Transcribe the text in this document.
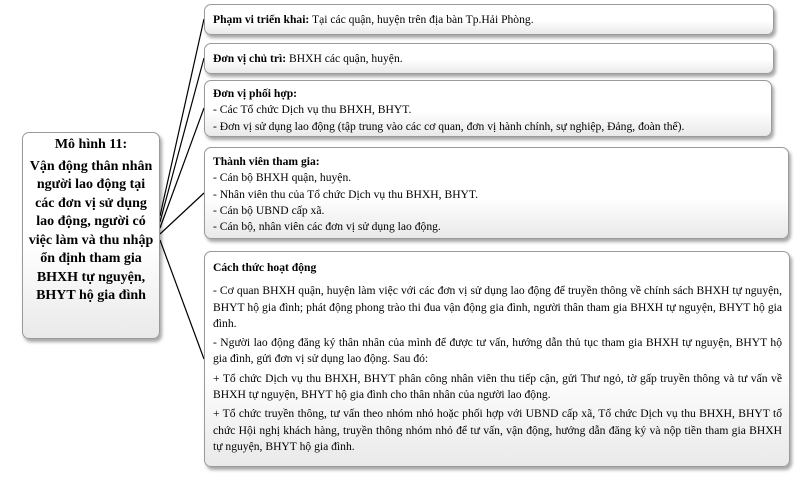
Mô hình 11:
Vận động thân nhân người lao động tại các đơn vị sử dụng lao động, người có việc làm và thu nhập ổn định tham gia BHXH tự nguyện, BHYT hộ gia đình
Phạm vi triển khai: Tại các quận, huyện trên địa bàn Tp.Hải Phòng.
Đơn vị chủ trì: BHXH các quận, huyện.
Đơn vị phối hợp:
- Các Tổ chức Dịch vụ thu BHXH, BHYT.
- Đơn vị sử dụng lao động (tập trung vào các cơ quan, đơn vị hành chính, sự nghiệp, Đảng, đoàn thể).
Thành viên tham gia:
- Cán bộ BHXH quận, huyện.
- Nhân viên thu của Tổ chức Dịch vụ thu BHXH, BHYT.
- Cán bộ UBND cấp xã.
- Cán bộ, nhân viên các đơn vị sử dụng lao động.
Cách thức hoạt động

- Cơ quan BHXH quận, huyện làm việc với các đơn vị sử dụng lao động để truyền thông về chính sách BHXH tự nguyện, BHYT hộ gia đình; phát động phong trào thi đua vận động gia đình, người thân tham gia BHXH tự nguyện, BHYT hộ gia đình.

- Người lao động đăng ký thân nhân của mình để được tư vấn, hướng dẫn thủ tục tham gia BHXH tự nguyện, BHYT hộ gia đình, gửi đơn vị sử dụng lao động. Sau đó:

+ Tổ chức Dịch vụ thu BHXH, BHYT phân công nhân viên thu tiếp cận, gửi Thư ngỏ, tờ gấp truyền thông và tư vấn về BHXH tự nguyện, BHYT hộ gia đình cho thân nhân của người lao động.

+ Tổ chức truyền thông, tư vấn theo nhóm nhỏ hoặc phối hợp với UBND cấp xã, Tổ chức Dịch vụ thu BHXH, BHYT tổ chức Hội nghị khách hàng, truyền thông nhóm nhỏ để tư vấn, vận động, hướng dẫn đăng ký và nộp tiền tham gia BHXH tự nguyện, BHYT hộ gia đình.
